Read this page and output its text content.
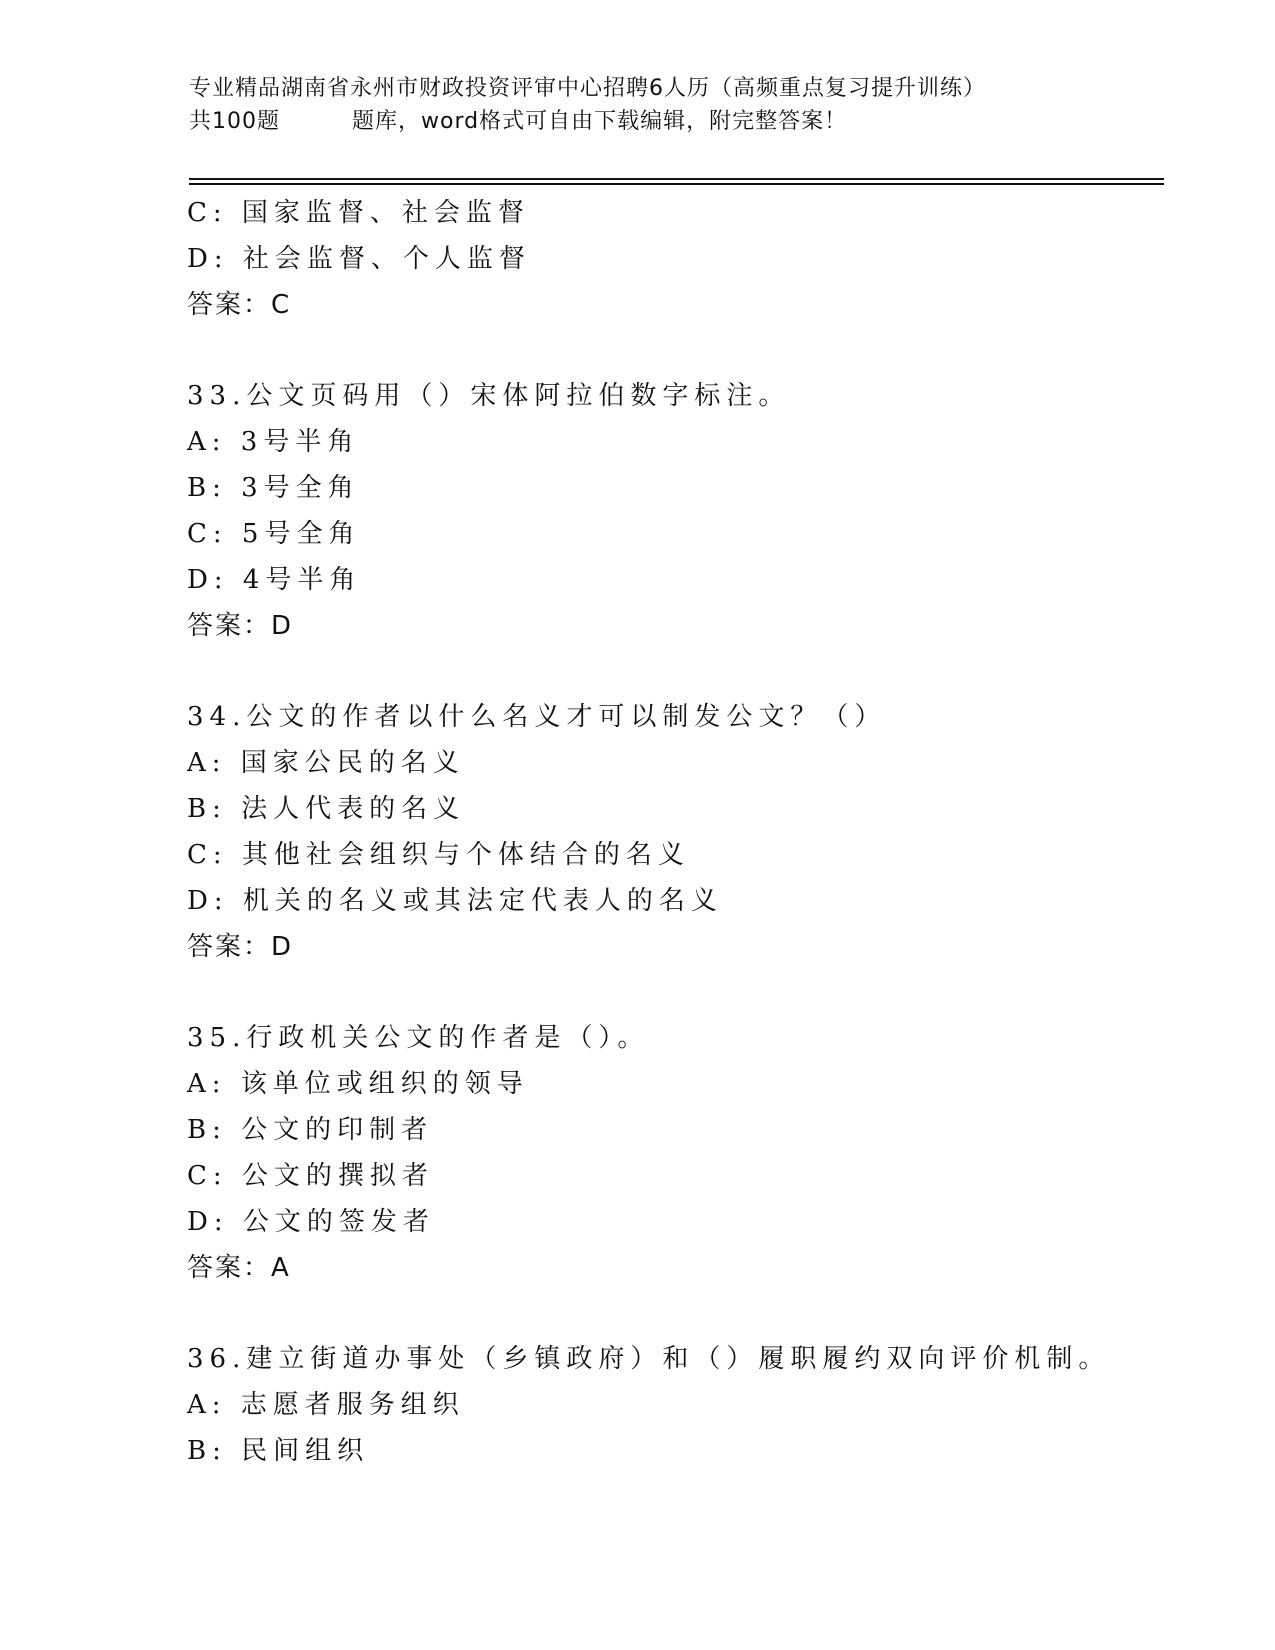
专业精品湖南省永州市财政投资评审中心招聘6人历（高频重点复习提升训练）
共100题	题库，word格式可自由下载编辑，附完整答案！
C: 国家监督、社会监督
D: 社会监督、个人监督
答案：C
33.公文页码用（）宋体阿拉伯数字标注。
A: 3号半角
B: 3号全角
C: 5号全角
D: 4号半角
答案：D
34.公文的作者以什么名义才可以制发公文？（）
A: 国家公民的名义
B: 法人代表的名义
C: 其他社会组织与个体结合的名义
D: 机关的名义或其法定代表人的名义
答案：D
35.行政机关公文的作者是（）。
A: 该单位或组织的领导
B: 公文的印制者
C: 公文的撰拟者
D: 公文的签发者
答案：A
36.建立街道办事处（乡镇政府）和（）履职履约双向评价机制。
A: 志愿者服务组织
B: 民间组织
